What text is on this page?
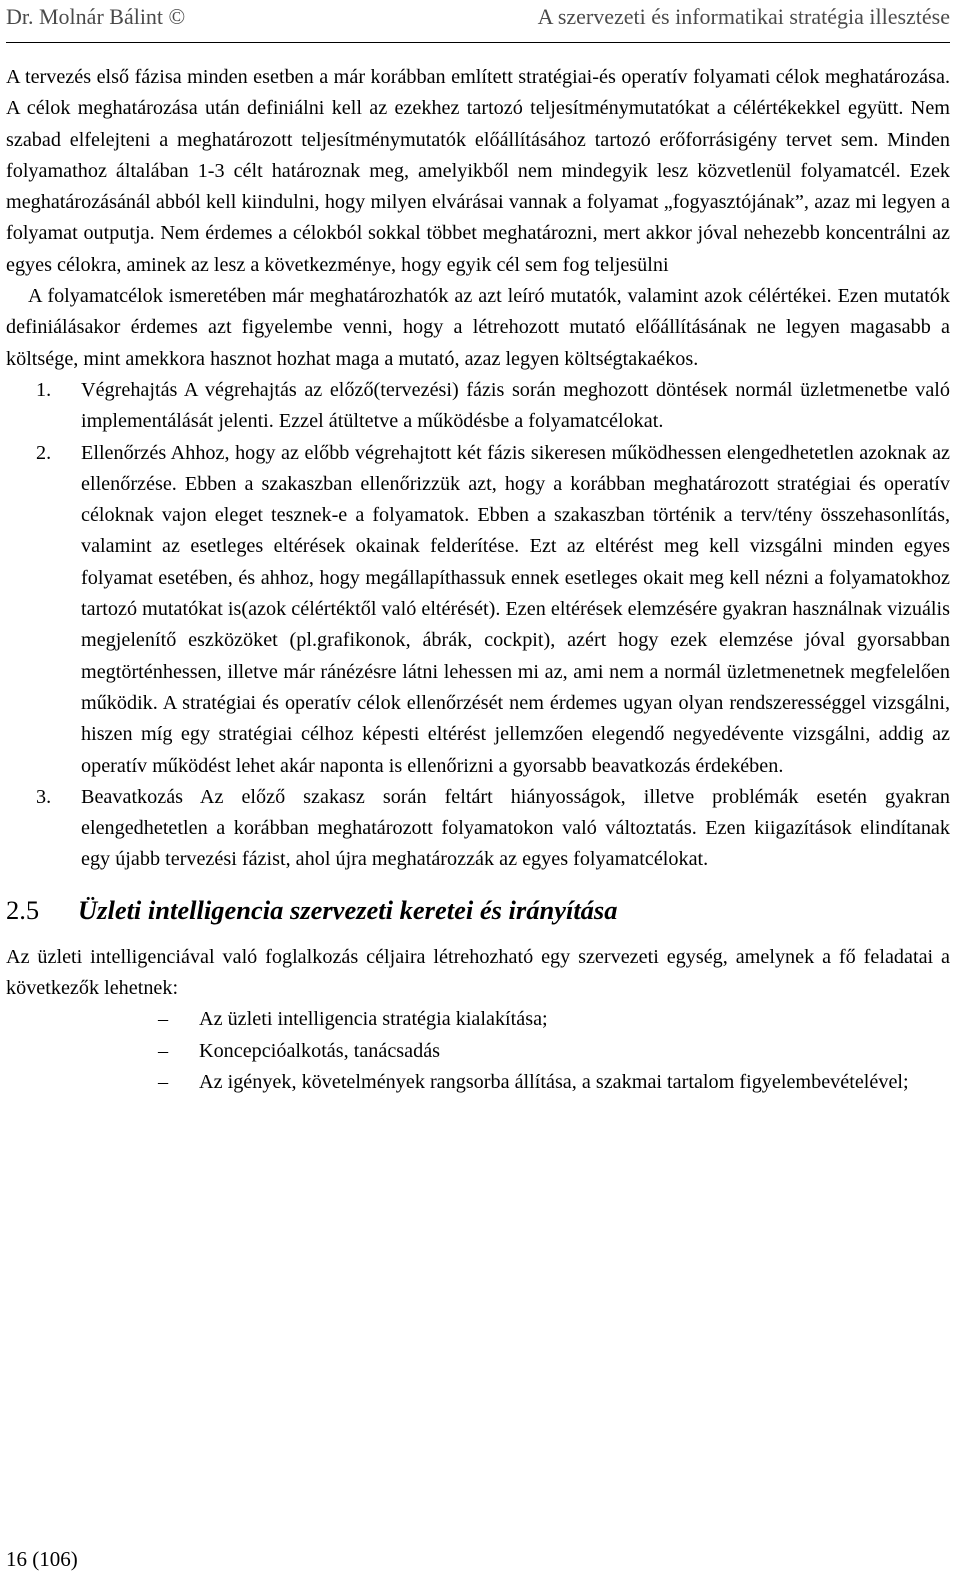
Dr. Molnár Bálint ©	A szervezeti és informatikai stratégia illesztése

A tervezés első fázisa minden esetben a már korábban említett stratégiai-és operatív folyamati célok meghatározása. A célok meghatározása után definiálni kell az ezekhez tartozó teljesítménymutatókat a célértékekkel együtt. Nem szabad elfelejteni a meghatározott teljesítménymutatók előállításához tartozó erőforrásigény tervet sem. Minden folyamathoz általában 1-3 célt határoznak meg, amelyikből nem mindegyik lesz közvetlenül folyamatcél. Ezek meghatározásánál abból kell kiindulni, hogy milyen elvárásai vannak a folyamat „fogyasztójának”, azaz mi legyen a folyamat outputja. Nem érdemes a célokból sokkal többet meghatározni, mert akkor jóval nehezebb koncentrálni az egyes célokra, aminek az lesz a következménye, hogy egyik cél sem fog teljesülni

A folyamatcélok ismeretében már meghatározhatók az azt leíró mutatók, valamint azok célértékei. Ezen mutatók definiálásakor érdemes azt figyelembe venni, hogy a létrehozott mutató előállításának ne legyen magasabb a költsége, mint amekkora hasznot hozhat maga a mutató, azaz legyen költségtakaékos.

1. Végrehajtás A végrehajtás az előző(tervezési) fázis során meghozott döntések normál üzletmenetbe való implementálását jelenti. Ezzel átültetve a működésbe a folyamatcélokat.
2. Ellenőrzés Ahhoz, hogy az előbb végrehajtott két fázis sikeresen működhessen elengedhetetlen azoknak az ellenőrzése. Ebben a szakaszban ellenőrizzük azt, hogy a korábban meghatározott stratégiai és operatív céloknak vajon eleget tesznek-e a folyamatok. Ebben a szakaszban történik a terv/tény összehasonlítás, valamint az esetleges eltérések okainak felderítése. Ezt az eltérést meg kell vizsgálni minden egyes folyamat esetében, és ahhoz, hogy megállapíthassuk ennek esetleges okait meg kell nézni a folyamatokhoz tartozó mutatókat is(azok célértéktől való eltérését). Ezen eltérések elemzésére gyakran használnak vizuális megjelenítő eszközöket (pl.grafikonok, ábrák, cockpit), azért hogy ezek elemzése jóval gyorsabban megtörténhessen, illetve már ránézésre látni lehessen mi az, ami nem a normál üzletmenetnek megfelelően működik. A stratégiai és operatív célok ellenőrzését nem érdemes ugyan olyan rendszerességgel vizsgálni, hiszen míg egy stratégiai célhoz képesti eltérést jellemzően elegendő negyedévente vizsgálni, addig az operatív működést lehet akár naponta is ellenőrizni a gyorsabb beavatkozás érdekében.
3. Beavatkozás Az előző szakasz során feltárt hiányosságok, illetve problémák esetén gyakran elengedhetetlen a korábban meghatározott folyamatokon való változtatás. Ezen kiigazítások elindítanak egy újabb tervezési fázist, ahol újra meghatározzák az egyes folyamatcélokat.
2.5	Üzleti intelligencia szervezeti keretei és irányítása

Az üzleti intelligenciával való foglalkozás céljaira létrehozható egy szervezeti egység, amelynek a fő feladatai a következők lehetnek:

– Az üzleti intelligencia stratégia kialakítása;
– Koncepcióalkotás, tanácsadás
– Az igények, követelmények rangsorba állítása, a szakmai tartalom figyelembevételével;
16 (106)
